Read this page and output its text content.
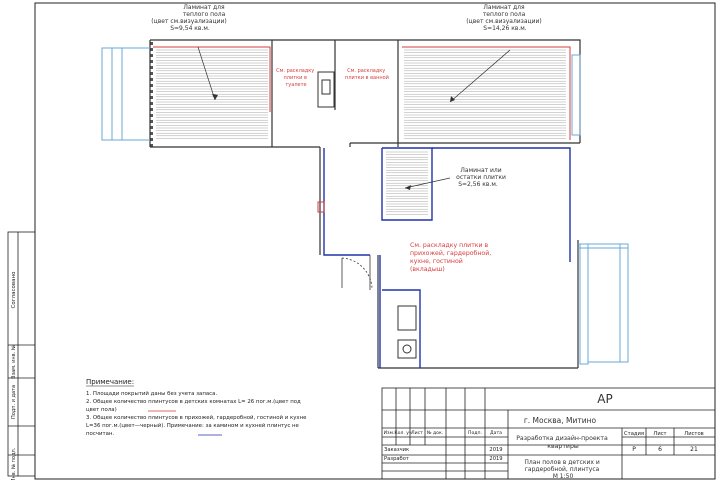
Ламинат для теплого пола (цвет см.визуализации) S=9,54 кв.м.
Ламинат для теплого пола (цвет см.визуализации) S=14,26 кв.м.
См. раскладку плитки в туалете
См. раскладку плитки в ванной
Ламинат или остатки плитки S=2,56 кв.м.
См. раскладку плитки в прихожей, гардеробной, кухне, гостиной (вкладыш)
Примечание:
1. Площади покрытий даны без учета запаса. 2. Общее количество плинтусов в детских комнатах L= 26 пог.м.(цвет под цвет пола) 3. Общее количество плинтусов в прихожей, гардеробной, гостиной и кухне L=36 пог.м.(цвет—черный). Примечание: за камином и кухней плинтус не посчитан.
Согласовано
Взам. инв. №
Подп. и дата
Инв. № подл.
АР
г. Москва, Митино
Изм. Кол. уч Лист № док.	Подп. Дата
Заказчик	2019
Разработ	2019
Разработка дизайн-проекта квартиры
Стадия Лист	Листов
Р	6	21
План полов в детских и гардеробной, плинтуса М 1:50
